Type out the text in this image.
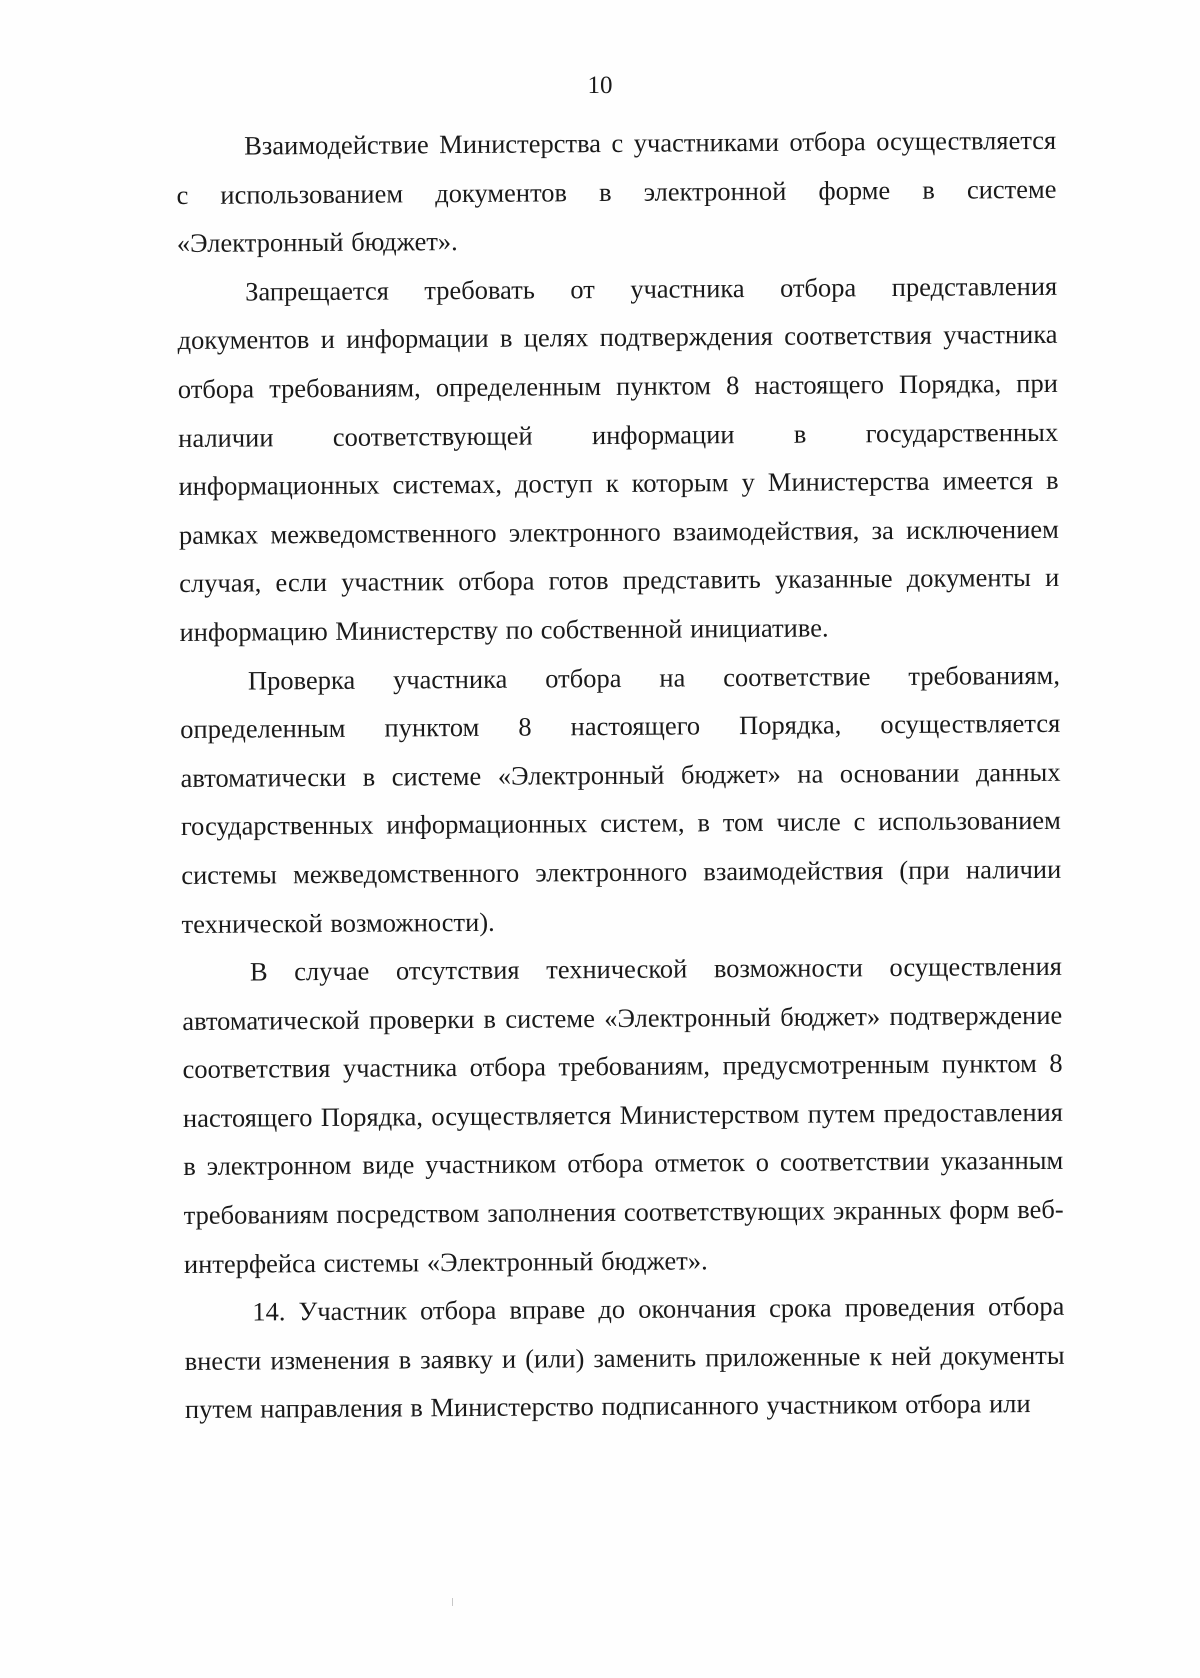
10

Взаимодействие Министерства с участниками отбора осуществляется с использованием документов в электронной форме в системе «Электронный бюджет».

Запрещается требовать от участника отбора представления документов и информации в целях подтверждения соответствия участника отбора требованиям, определенным пунктом 8 настоящего Порядка, при наличии соответствующей информации в государственных информационных системах, доступ к которым у Министерства имеется в рамках межведомственного электронного взаимодействия, за исключением случая, если участник отбора готов представить указанные документы и информацию Министерству по собственной инициативе.

Проверка участника отбора на соответствие требованиям, определенным пунктом 8 настоящего Порядка, осуществляется автоматически в системе «Электронный бюджет» на основании данных государственных информационных систем, в том числе с использованием системы межведомственного электронного взаимодействия (при наличии технической возможности).

В случае отсутствия технической возможности осуществления автоматической проверки в системе «Электронный бюджет» подтверждение соответствия участника отбора требованиям, предусмотренным пунктом 8 настоящего Порядка, осуществляется Министерством путем предоставления в электронном виде участником отбора отметок о соответствии указанным требованиям посредством заполнения соответствующих экранных форм веб-интерфейса системы «Электронный бюджет».

14. Участник отбора вправе до окончания срока проведения отбора внести изменения в заявку и (или) заменить приложенные к ней документы путем направления в Министерство подписанного участником отбора или
